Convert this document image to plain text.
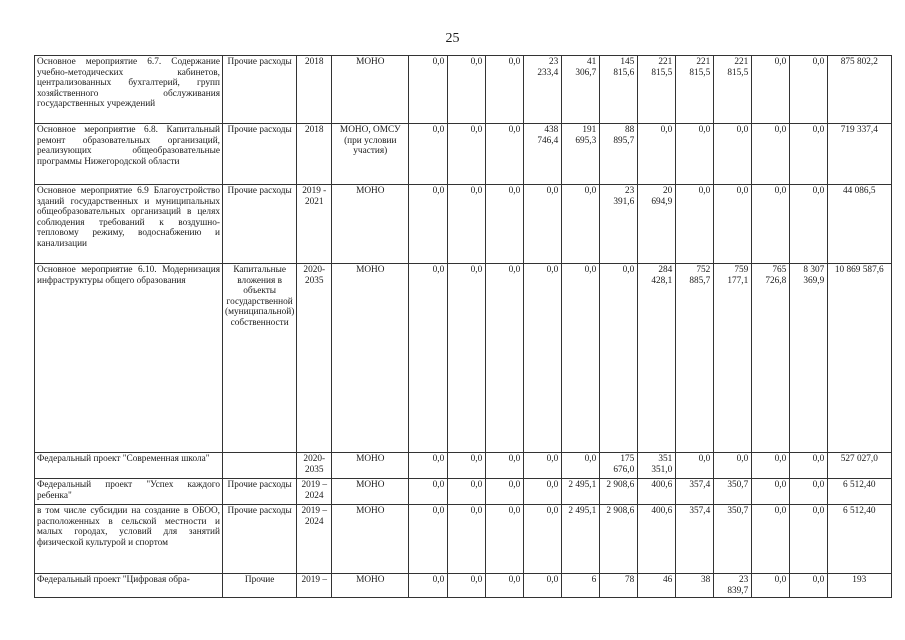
25
Основное мероприятие 6.7. Содержание учебно-методических кабинетов, централизованных бухгалтерий, групп хозяйственного обслуживания государственных учреждений	Прочие расходы	2018	МОНО	0,0	0,0	0,0	23 233,4	41 306,7	145 815,6	221 815,5	221 815,5	221 815,5	0,0	0,0	875 802,2
Основное мероприятие 6.8. Капитальный ремонт образовательных организаций, реализующих общеобразовательные программы Нижегородской области	Прочие расходы	2018	МОНО, ОМСУ (при условии участия)	0,0	0,0	0,0	438 746,4	191 695,3	88 895,7	0,0	0,0	0,0	0,0	0,0	719 337,4
Основное мероприятие 6.9 Благоустройство зданий государственных и муниципальных общеобразовательных организаций в целях соблюдения требований к воздушно-тепловому режиму, водоснабжению и канализации	Прочие расходы	2019 - 2021	МОНО	0,0	0,0	0,0	0,0	0,0	23 391,6	20 694,9	0,0	0,0	0,0	0,0	44 086,5
Основное мероприятие 6.10. Модернизация инфраструктуры общего образования	Капитальные вложения в объекты государственной (муниципальной) собственности	2020-2035	МОНО	0,0	0,0	0,0	0,0	0,0	0,0	284 428,1	752 885,7	759 177,1	765 726,8	8 307 369,9	10 869 587,6
Федеральный проект "Современная школа"		2020-2035	МОНО	0,0	0,0	0,0	0,0	0,0	175 676,0	351 351,0	0,0	0,0	0,0	0,0	527 027,0
Федеральный проект "Успех каждого ребенка"	Прочие расходы	2019 – 2024	МОНО	0,0	0,0	0,0	0,0	2 495,1	2 908,6	400,6	357,4	350,7	0,0	0,0	6 512,40
в том числе субсидии на создание в ОБОО, расположенных в сельской местности и малых городах, условий для занятий физической культурой и спортом	Прочие расходы	2019 – 2024	МОНО	0,0	0,0	0,0	0,0	2 495,1	2 908,6	400,6	357,4	350,7	0,0	0,0	6 512,40
Федеральный проект "Цифровая обра-	Прочие	2019 –	МОНО	0,0	0,0	0,0	0,0	6	78	46	38	23 839,7	0,0	0,0	193
